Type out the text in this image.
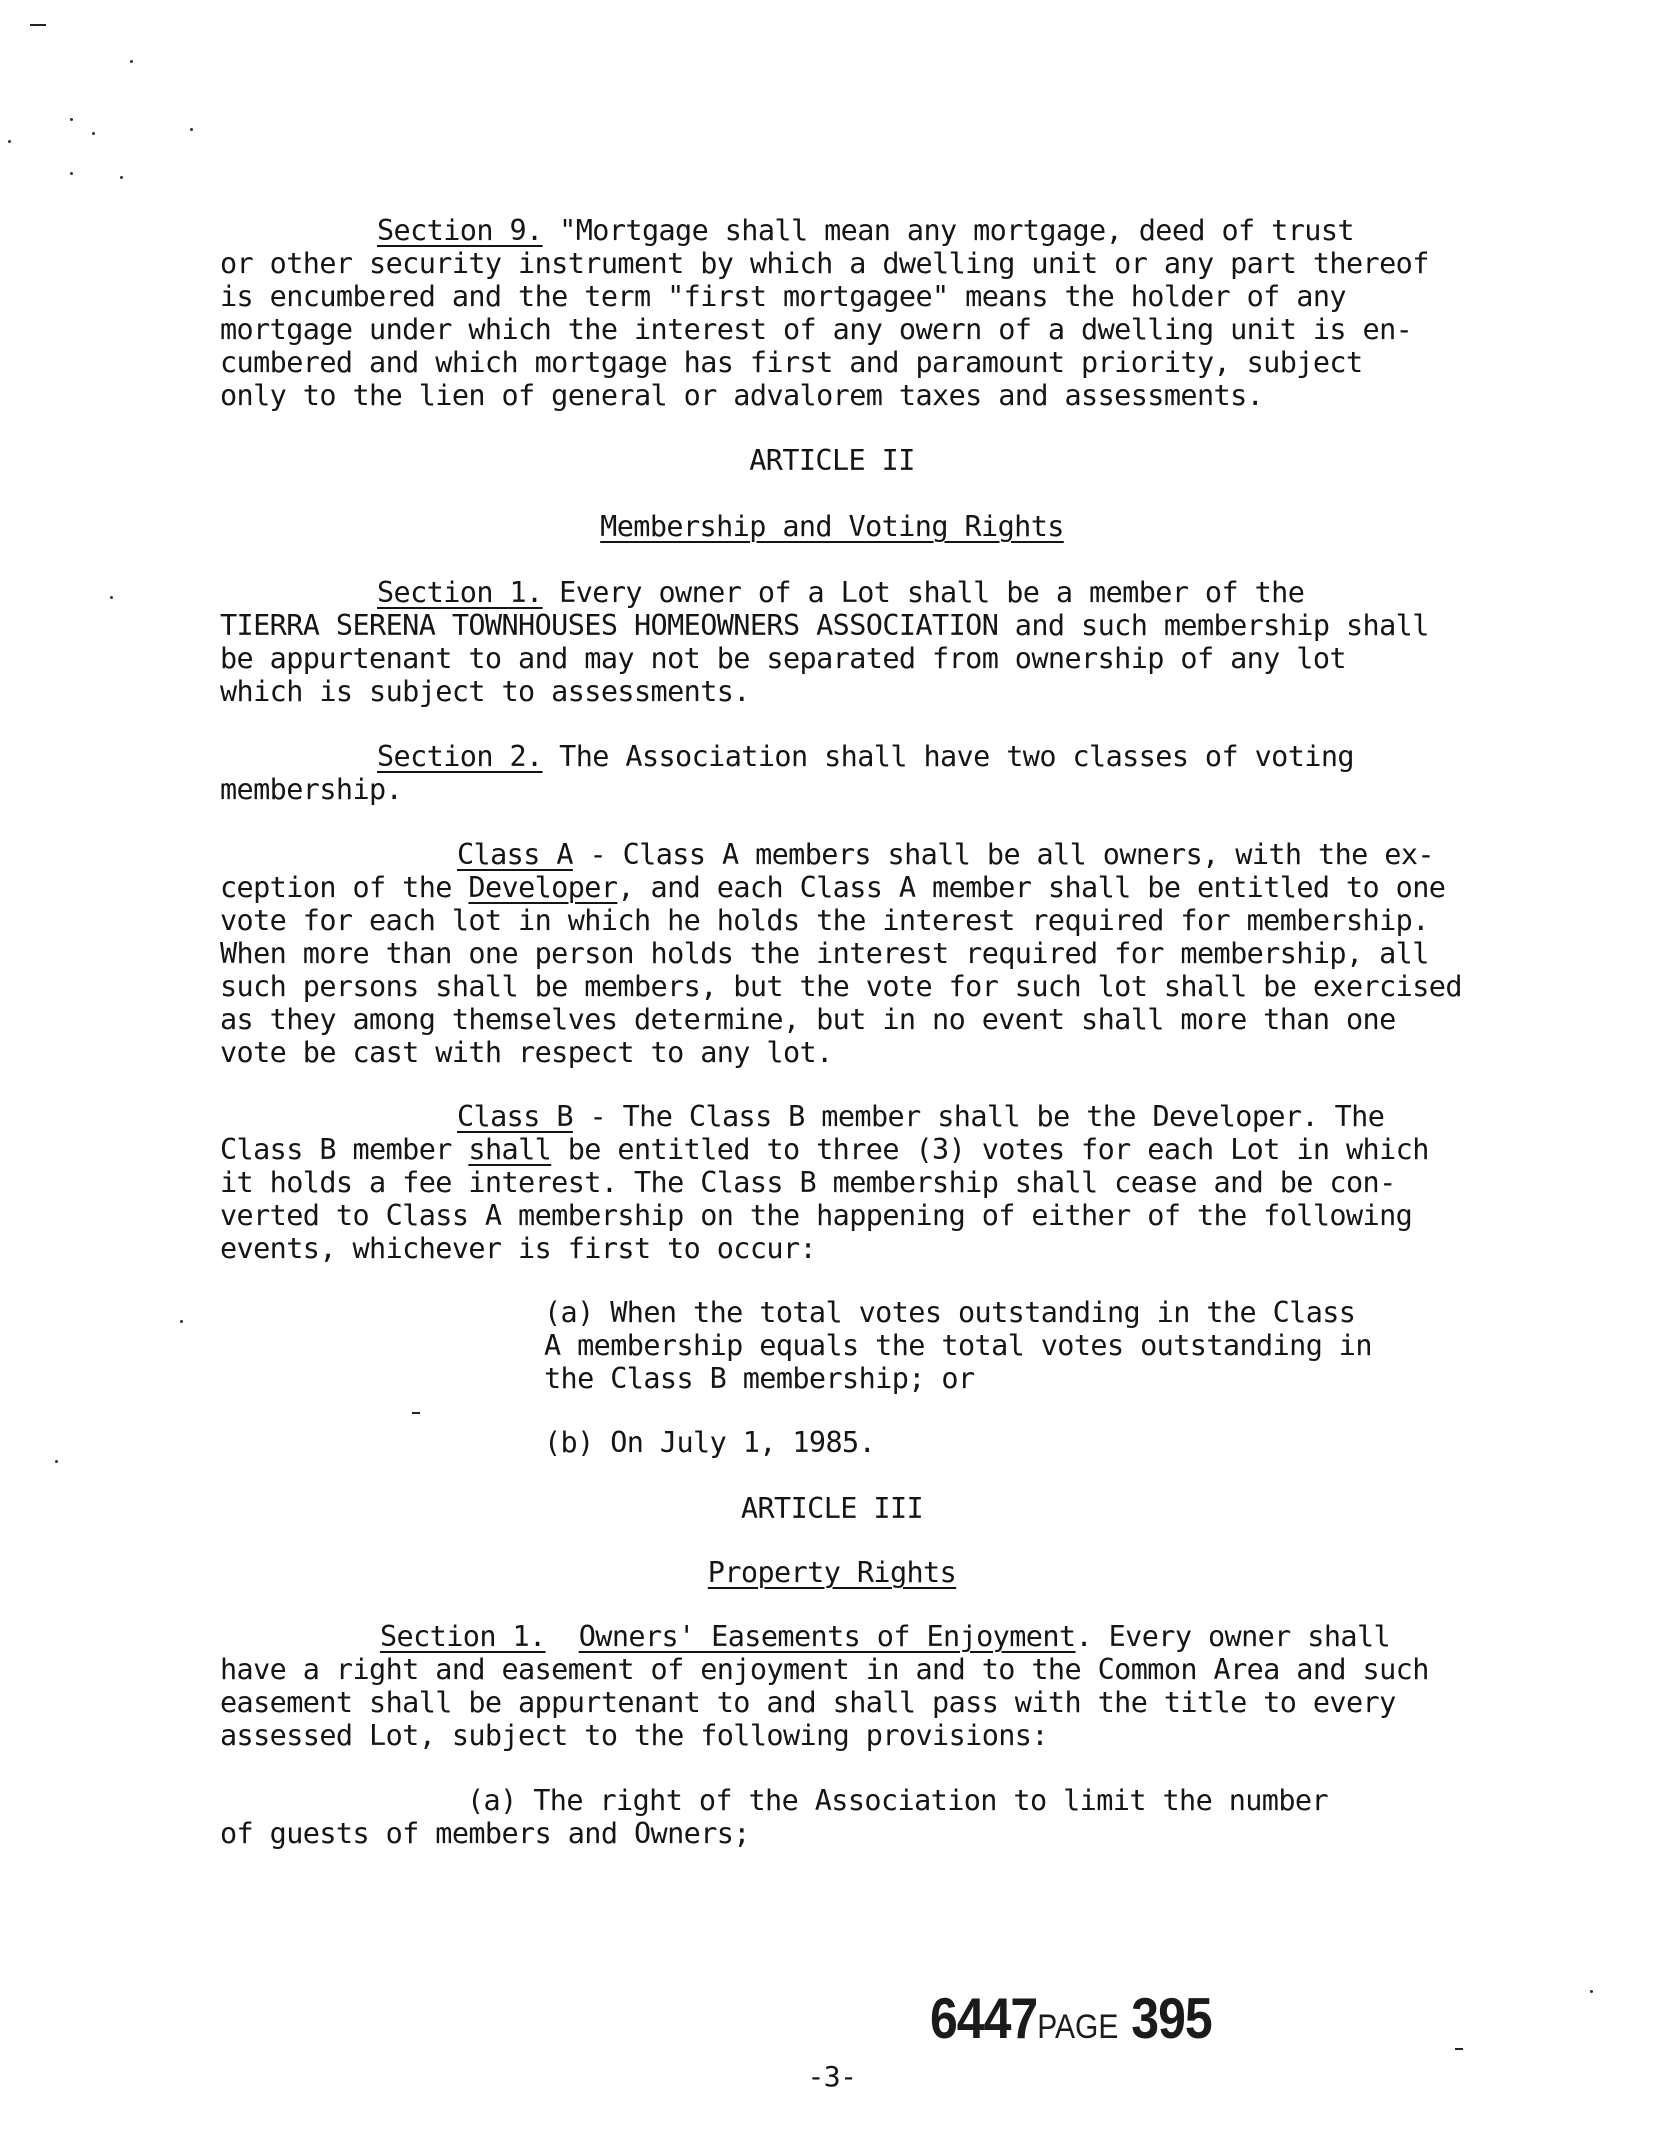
Section 9. "Mortgage shall mean any mortgage, deed of trust
or other security instrument by which a dwelling unit or any part thereof
is encumbered and the term "first mortgagee" means the holder of any
mortgage under which the interest of any owern of a dwelling unit is en-
cumbered and which mortgage has first and paramount priority, subject
only to the lien of general or advalorem taxes and assessments.
ARTICLE II
Membership and Voting Rights
Section 1. Every owner of a Lot shall be a member of the
TIERRA SERENA TOWNHOUSES HOMEOWNERS ASSOCIATION and such membership shall
be appurtenant to and may not be separated from ownership of any lot
which is subject to assessments.
Section 2. The Association shall have two classes of voting
membership.
Class A - Class A members shall be all owners, with the ex-
ception of the Developer, and each Class A member shall be entitled to one
vote for each lot in which he holds the interest required for membership.
When more than one person holds the interest required for membership, all
such persons shall be members, but the vote for such lot shall be exercised
as they among themselves determine, but in no event shall more than one
vote be cast with respect to any lot.
Class B - The Class B member shall be the Developer. The
Class B member shall be entitled to three (3) votes for each Lot in which
it holds a fee interest. The Class B membership shall cease and be con-
verted to Class A membership on the happening of either of the following
events, whichever is first to occur:
(a) When the total votes outstanding in the Class
A membership equals the total votes outstanding in
the Class B membership; or
(b) On July 1, 1985.
ARTICLE III
Property Rights
Section 1. Owners' Easements of Enjoyment. Every owner shall
have a right and easement of enjoyment in and to the Common Area and such
easement shall be appurtenant to and shall pass with the title to every
assessed Lot, subject to the following provisions:
(a) The right of the Association to limit the number
of guests of members and Owners;
6447PAGE 395
-3-
